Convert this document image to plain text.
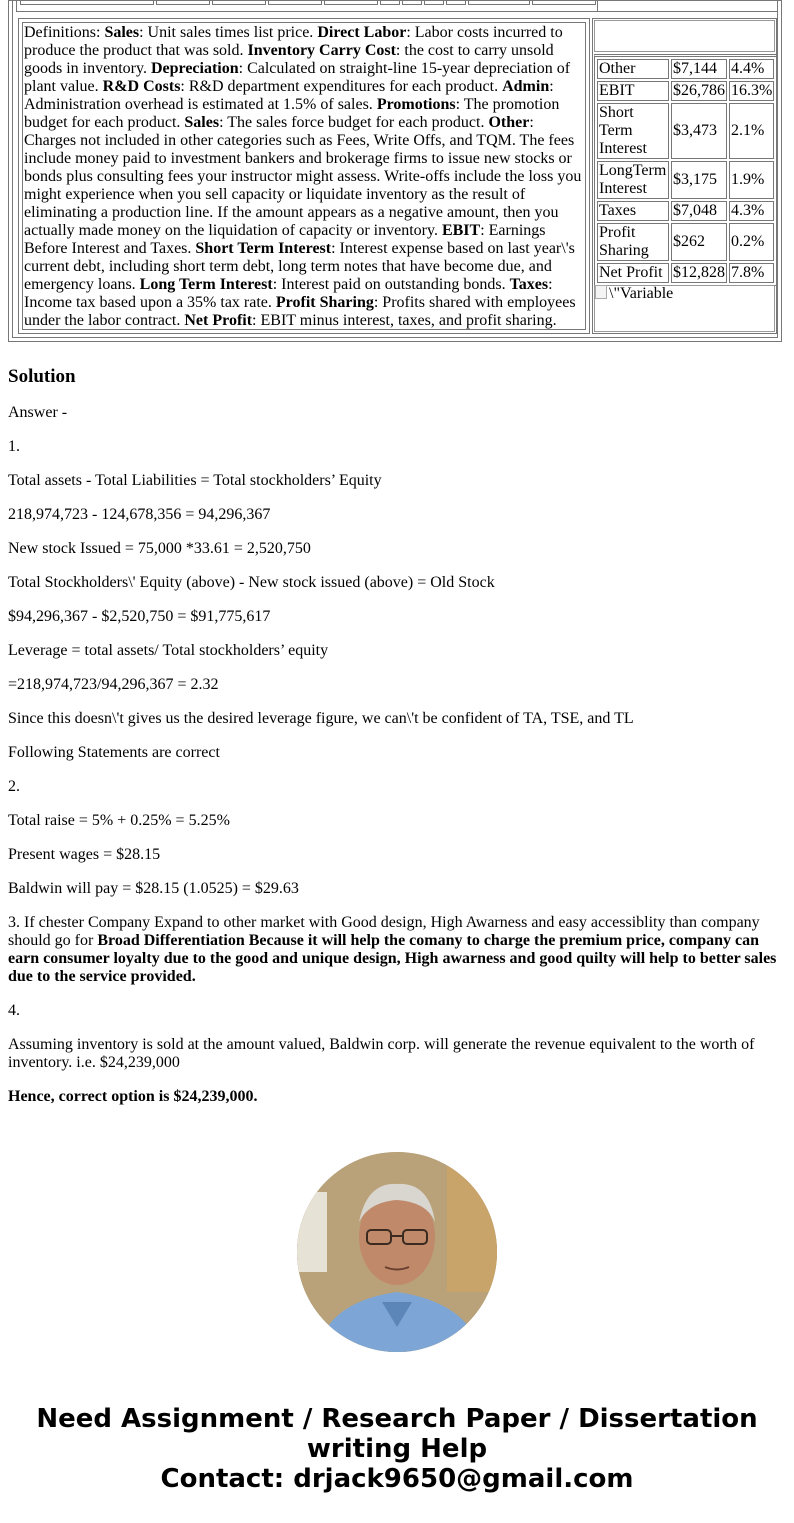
Definitions: Sales: Unit sales times list price. Direct Labor: Labor costs incurred to produce the product that was sold. Inventory Carry Cost: the cost to carry unsold goods in inventory. Depreciation: Calculated on straight-line 15-year depreciation of plant value. R&D Costs: R&D department expenditures for each product. Admin: Administration overhead is estimated at 1.5% of sales. Promotions: The promotion budget for each product. Sales: The sales force budget for each product. Other: Charges not included in other categories such as Fees, Write Offs, and TQM. The fees include money paid to investment bankers and brokerage firms to issue new stocks or bonds plus consulting fees your instructor might assess. Write-offs include the loss you might experience when you sell capacity or liquidate inventory as the result of eliminating a production line. If the amount appears as a negative amount, then you actually made money on the liquidation of capacity or inventory. EBIT: Earnings Before Interest and Taxes. Short Term Interest: Interest expense based on last year\'s current debt, including short term debt, long term notes that have become due, and emergency loans. Long Term Interest: Interest paid on outstanding bonds. Taxes: Income tax based upon a 35% tax rate. Profit Sharing: Profits shared with employees under the labor contract. Net Profit: EBIT minus interest, taxes, and profit sharing.
Other	$7,144	4.4%
EBIT	$26,786	16.3%
Short Term Interest	$3,473	2.1%
LongTerm Interest	$3,175	1.9%
Taxes	$7,048	4.3%
Profit Sharing	$262	0.2%
Net Profit	$12,828	7.8%
\"Variable
Solution

Answer -

1.

Total assets - Total Liabilities = Total stockholders’ Equity

218,974,723 - 124,678,356 = 94,296,367

New stock Issued = 75,000 *33.61 = 2,520,750

Total Stockholders\' Equity (above) - New stock issued (above) = Old Stock

$94,296,367 - $2,520,750 = $91,775,617

Leverage = total assets/ Total stockholders’ equity

=218,974,723/94,296,367 = 2.32

Since this doesn\'t gives us the desired leverage figure, we can\'t be confident of TA, TSE, and TL

Following Statements are correct

2.

Total raise = 5% + 0.25% = 5.25%

Present wages = $28.15

Baldwin will pay = $28.15 (1.0525) = $29.63

3. If chester Company Expand to other market with Good design, High Awarness and easy accessiblity than company should go for Broad Differentiation Because it will help the comany to charge the premium price, company can earn consumer loyalty due to the good and unique design, High awarness and good quilty will help to better sales due to the service provided.

4.

Assuming inventory is sold at the amount valued, Baldwin corp. will generate the revenue equivalent to the worth of inventory. i.e. $24,239,000

Hence, correct option is $24,239,000.

Need Assignment / Research Paper / Dissertation
writing Help
Contact: drjack9650@gmail.com
